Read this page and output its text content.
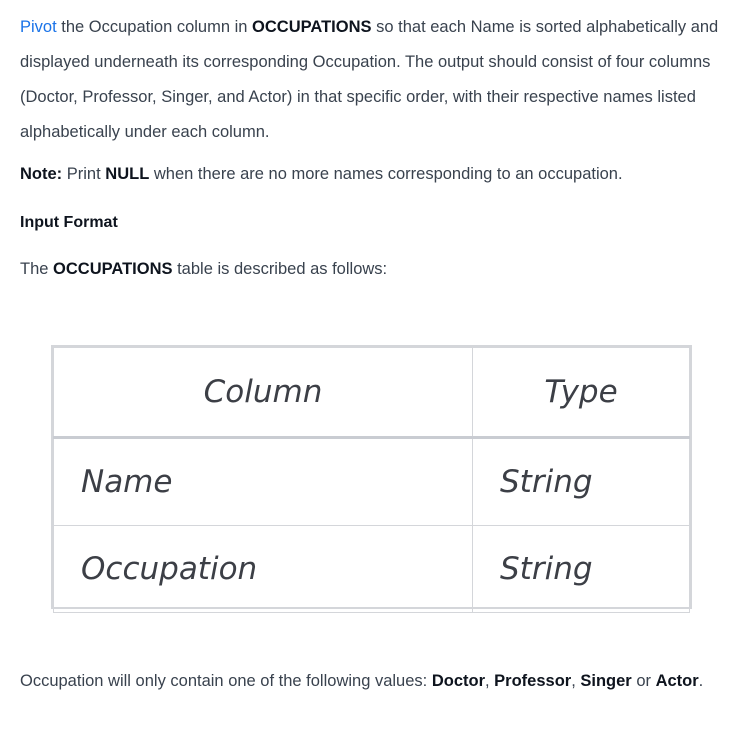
Pivot the Occupation column in OCCUPATIONS so that each Name is sorted alphabetically and displayed underneath its corresponding Occupation. The output should consist of four columns (Doctor, Professor, Singer, and Actor) in that specific order, with their respective names listed alphabetically under each column.

Note: Print NULL when there are no more names corresponding to an occupation.

Input Format

The OCCUPATIONS table is described as follows:

Column	Type
Name	String
Occupation	String

Occupation will only contain one of the following values: Doctor, Professor, Singer or Actor.
